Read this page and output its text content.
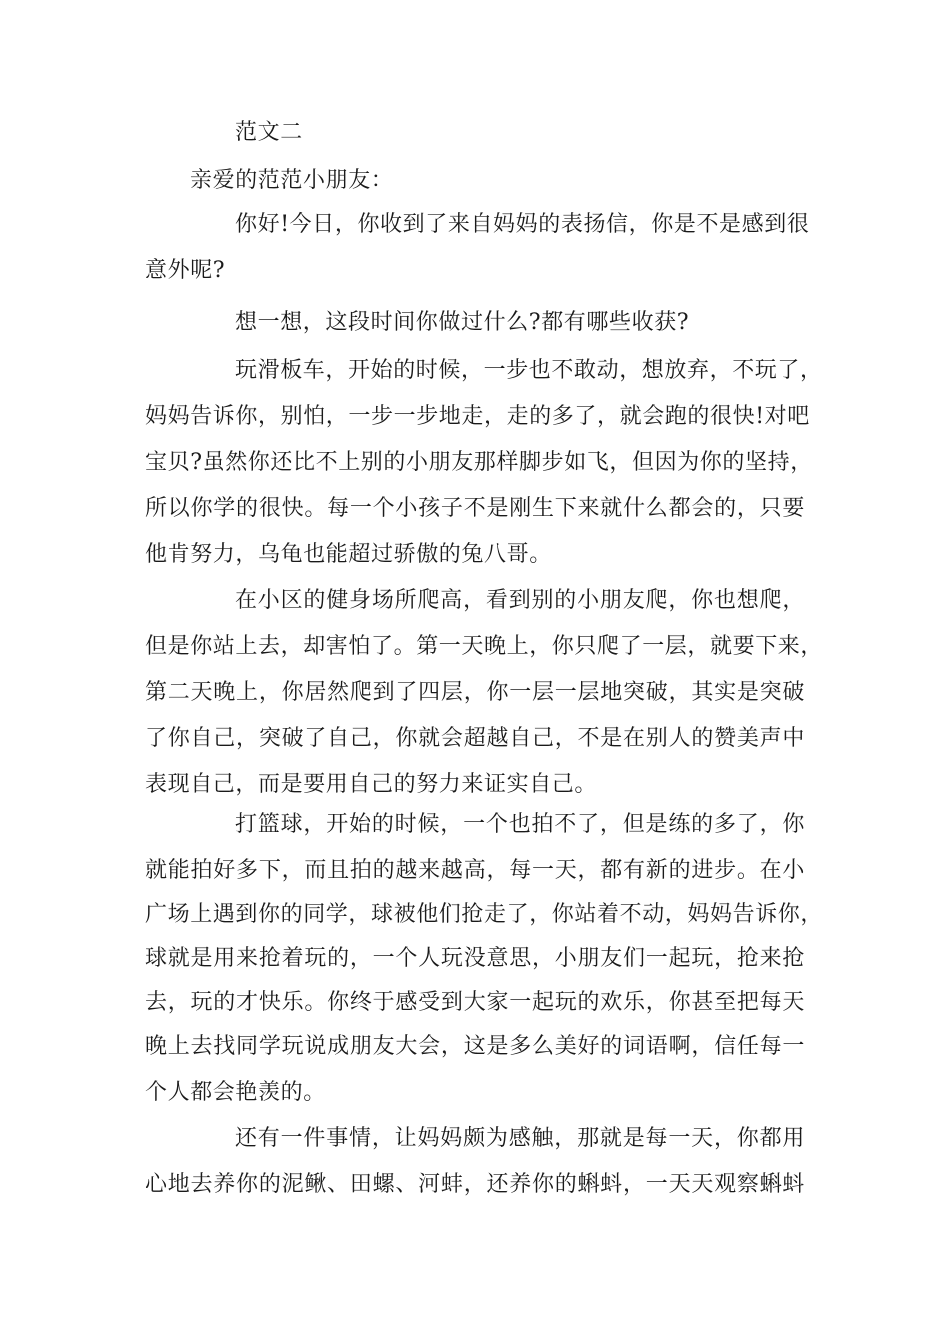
范文二
亲爱的范范小朋友：
你好!今日，你收到了来自妈妈的表扬信，你是不是感到很
意外呢?
想一想，这段时间你做过什么?都有哪些收获?
玩滑板车，开始的时候，一步也不敢动，想放弃，不玩了，
妈妈告诉你，别怕，一步一步地走，走的多了，就会跑的很快!对吧
宝贝?虽然你还比不上别的小朋友那样脚步如飞，但因为你的坚持，
所以你学的很快。每一个小孩子不是刚生下来就什么都会的，只要
他肯努力，乌龟也能超过骄傲的兔八哥。
在小区的健身场所爬高，看到别的小朋友爬，你也想爬，
但是你站上去，却害怕了。第一天晚上，你只爬了一层，就要下来，
第二天晚上，你居然爬到了四层，你一层一层地突破，其实是突破
了你自己，突破了自己，你就会超越自己，不是在别人的赞美声中
表现自己，而是要用自己的努力来证实自己。
打篮球，开始的时候，一个也拍不了，但是练的多了，你
就能拍好多下，而且拍的越来越高，每一天，都有新的进步。在小
广场上遇到你的同学，球被他们抢走了，你站着不动，妈妈告诉你，
球就是用来抢着玩的，一个人玩没意思，小朋友们一起玩，抢来抢
去，玩的才快乐。你终于感受到大家一起玩的欢乐，你甚至把每天
晚上去找同学玩说成朋友大会，这是多么美好的词语啊，信任每一
个人都会艳羡的。
还有一件事情，让妈妈颇为感触，那就是每一天，你都用
心地去养你的泥鳅、田螺、河蚌，还养你的蝌蚪，一天天观察蝌蚪
